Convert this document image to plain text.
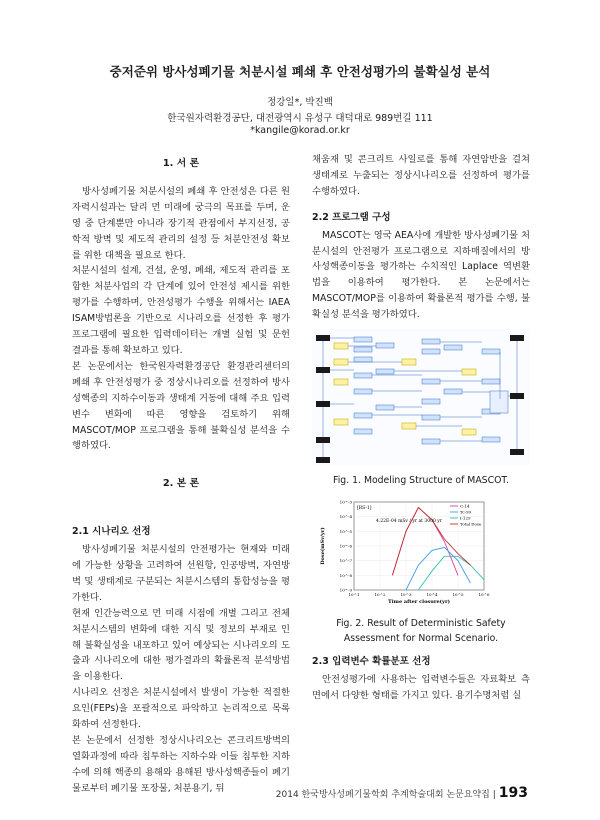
중저준위 방사성폐기물 처분시설 폐쇄 후 안전성평가의 불확실성 분석
정강일*, 박진백
한국원자력환경공단, 대전광역시 유성구 대덕대로 989번길 111
*kangile@korad.or.kr
1. 서 론

방사성폐기물 처분시설의 폐쇄 후 안전성은 다른 원자력시설과는 달리 먼 미래에 궁극의 목표를 두며, 운영 중 단계뿐만 아니라 장기적 관점에서 부지선정, 공학적 방벽 및 제도적 관리의 설정 등 처분안전성 확보를 위한 대책을 필요로 한다.

처분시설의 설계, 건설, 운영, 폐쇄, 제도적 관리를 포함한 처분사업의 각 단계에 있어 안전성 제시를 위한 평가를 수행하며, 안전성평가 수행을 위해서는 IAEA ISAM방법론을 기반으로 시나리오를 선정한 후 평가 프로그램에 필요한 입력데이터는 개별 실험 및 문헌 결과를 통해 확보하고 있다.

본 논문에서는 한국원자력환경공단 환경관리센터의 폐쇄 후 안전성평가 중 정상시나리오를 선정하여 방사성핵종의 지하수이동과 생태계 거동에 대해 주요 입력변수 변화에 따른 영향을 검토하기 위해 MASCOT/MOP 프로그램을 통해 불확실성 분석을 수행하였다.

2. 본 론
2.1 시나리오 선정

방사성폐기물 처분시설의 안전평가는 현재와 미래에 가능한 상황을 고려하여 선원항, 인공방벽, 자연방벽 및 생태계로 구분되는 처분시스템의 통합성능을 평가한다.

현재 인간능력으로 먼 미래 시점에 개별 그리고 전체 처분시스템의 변화에 대한 지식 및 정보의 부재로 인해 불확실성을 내포하고 있어 예상되는 시나리오의 도출과 시나리오에 대한 평가결과의 확률론적 분석방법을 이용한다.

시나리오 선정은 처분시설에서 발생이 가능한 적절한 요인(FEPs)을 포괄적으로 파악하고 논리적으로 목록화하여 선정한다.

본 논문에서 선정한 정상시나리오는 콘크리트방벽의 열화과정에 따라 침투하는 지하수와 이들 침투한 지하수에 의해 핵종의 용해와 용해된 방사성핵종들이 폐기물로부터 폐기물 포장물, 처분용기, 뒤

채움재 및 콘크리트 사일로를 통해 자연암반을 걸쳐 생태계로 누출되는 정상시나리오를 선정하여 평가를 수행하였다.

2.2 프로그램 구성

MASCOT는 영국 AEA사에 개발한 방사성폐기물 처분시설의 안전평가 프로그램으로 지하매질에서의 방사성핵종이동을 평가하는 수치적인 Laplace 역변환법을 이용하여 평가한다. 본 논문에서는 MASCOT/MOP를 이용하여 확률론적 평가를 수행, 불확실성 분석을 평가하였다.

Fig. 1. Modeling Structure of MASCOT.
10^1	10^2	10^3	10^4	10^5	10^6
10^-9
10^-8
10^-7
10^-6
10^-5
10^-4
10^-3
[RS-1]
4.22E-04 mSv / yr at 3000 yr
Time after closure(yr)
Dose(mSv/yr)
C-14
Tc-99
I-129
Total Dose
Fig. 2. Result of Deterministic Safety Assessment for Normal Scenario.
2.3 입력변수 확률분포 선정

안전성평가에 사용하는 입력변수들은 자료확보 측면에서 다양한 형태를 가지고 있다. 용기수명처럼 실

2014 한국방사성폐기물학회 추계학술대회 논문요약집 | 193
